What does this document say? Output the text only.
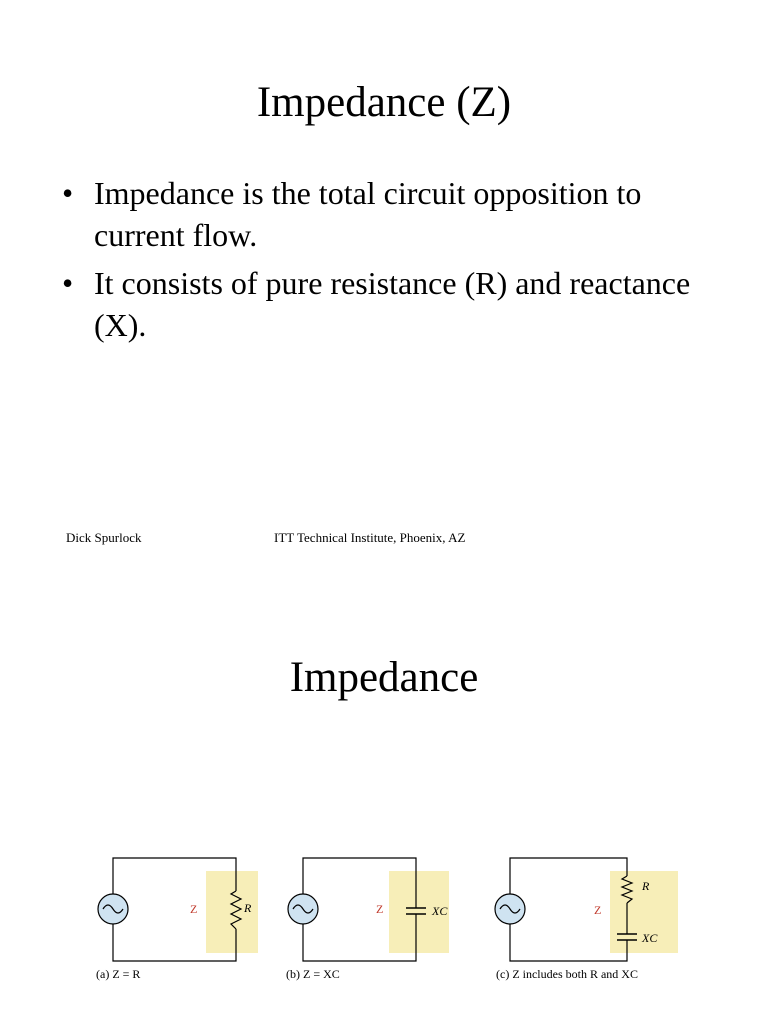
Impedance (Z)
• Impedance is the total circuit opposition to current flow.
• It consists of pure resistance (R) and reactance (X).
Dick Spurlock	ITT Technical Institute, Phoenix, AZ
Impedance
Z	R	Z	XC	Z
R
XC
(a) Z = R	(b) Z = XC	(c) Z includes both R and XC
